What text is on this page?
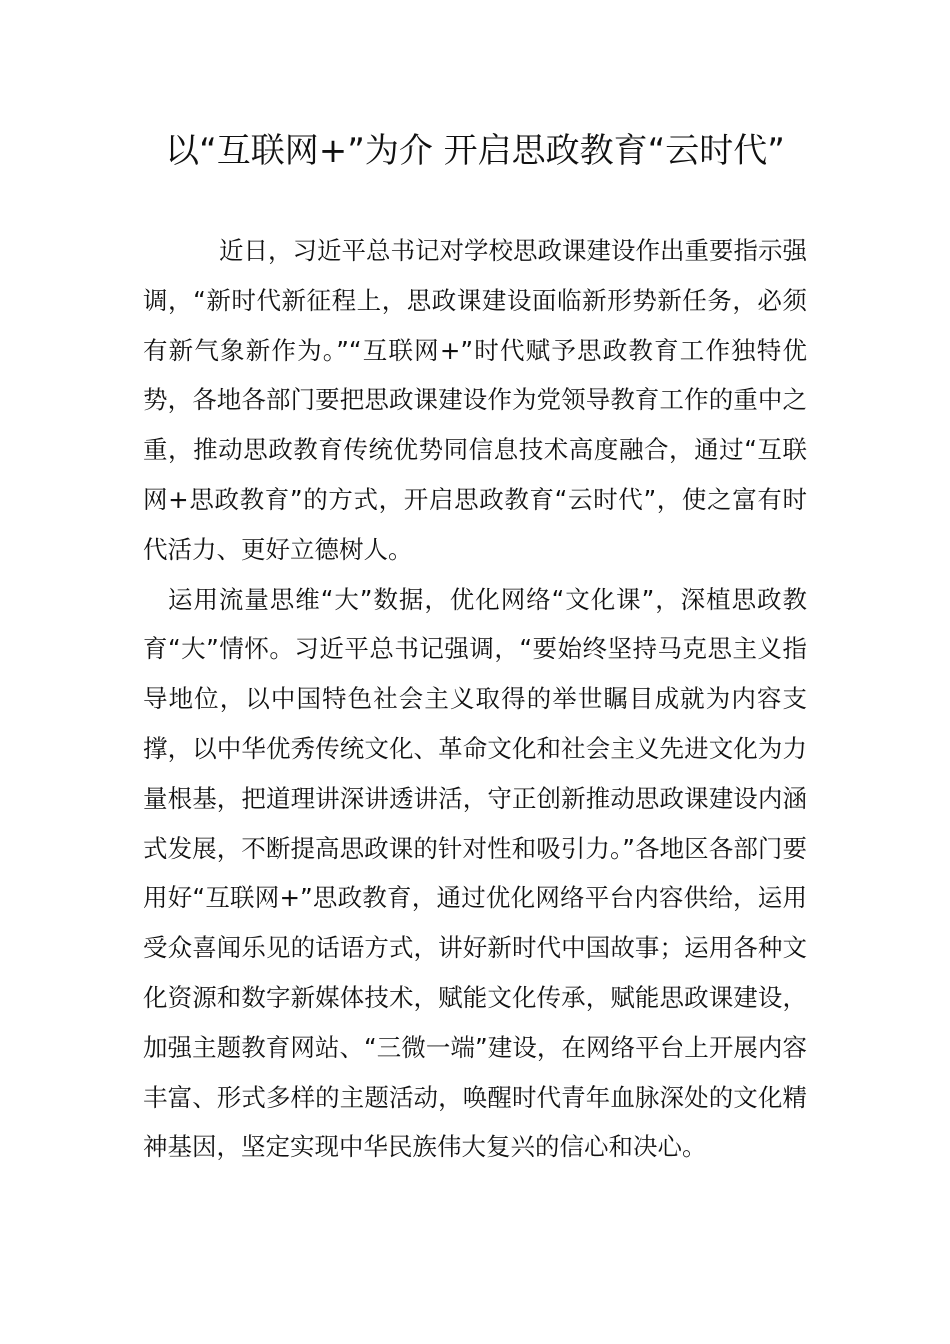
以“互联网+”为介 开启思政教育“云时代”

近日，习近平总书记对学校思政课建设作出重要指示强调，“新时代新征程上，思政课建设面临新形势新任务，必须有新气象新作为。”“互联网+”时代赋予思政教育工作独特优势，各地各部门要把思政课建设作为党领导教育工作的重中之重，推动思政教育传统优势同信息技术高度融合，通过“互联网+思政教育”的方式，开启思政教育“云时代”，使之富有时代活力、更好立德树人。

运用流量思维“大”数据，优化网络“文化课”，深植思政教育“大”情怀。习近平总书记强调，“要始终坚持马克思主义指导地位，以中国特色社会主义取得的举世瞩目成就为内容支撑，以中华优秀传统文化、革命文化和社会主义先进文化为力量根基，把道理讲深讲透讲活，守正创新推动思政课建设内涵式发展，不断提高思政课的针对性和吸引力。”各地区各部门要用好“互联网+”思政教育，通过优化网络平台内容供给，运用受众喜闻乐见的话语方式，讲好新时代中国故事；运用各种文化资源和数字新媒体技术，赋能文化传承，赋能思政课建设，加强主题教育网站、“三微一端”建设，在网络平台上开展内容丰富、形式多样的主题活动，唤醒时代青年血脉深处的文化精神基因，坚定实现中华民族伟大复兴的信心和决心。
